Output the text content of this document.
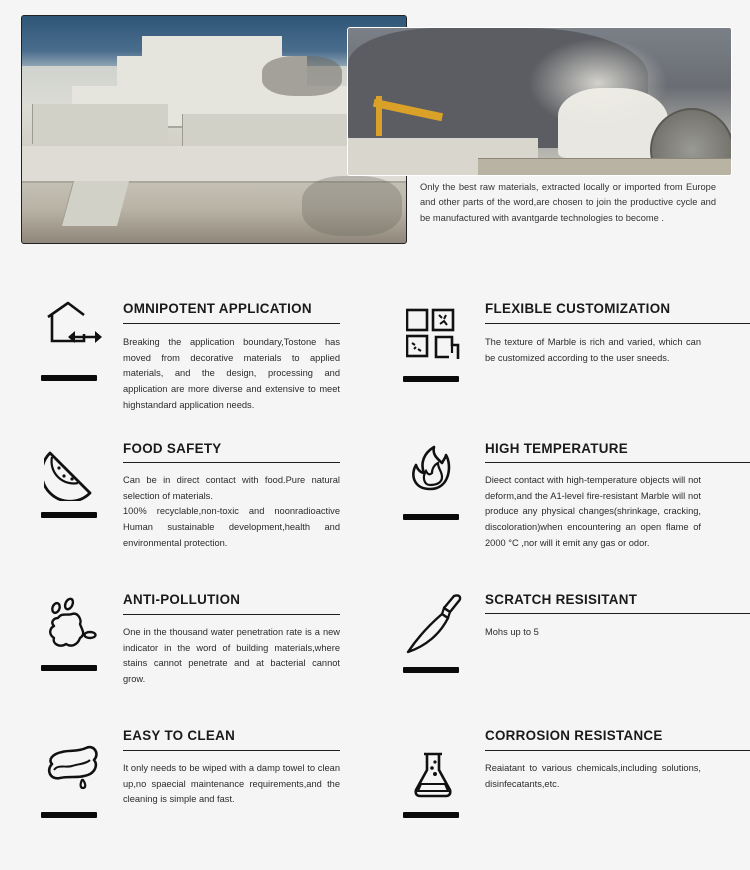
Only the best raw materials, extracted locally or imported from Europe and other parts of the word,are chosen to join the productive cycle and be manufactured with avantgarde technologies to become .
OMNIPOTENT APPLICATION
Breaking the application boundary,Tostone has moved from decorative materials to applied materials, and the design, processing and application are more diverse and extensive to meet highstandard application needs.
FLEXIBLE CUSTOMIZATION
The texture of Marble is rich and varied, which can be customized according to the user sneeds.
FOOD SAFETY

Can be in direct contact with food.Pure natural selection of materials.

100% recyclable,non-toxic and noonradioactive Human sustainable development,health and environmental protection.

HIGH TEMPERATURE
Dieect contact with high-temperature objects will not deform,and the A1-level fire-resistant Marble will not produce any physical changes(shrinkage, cracking, discoloration)when encountering an open flame of 2000 °C ,nor will it emit any gas or odor.
ANTI-POLLUTION
One in the thousand water penetration rate is a new indicator in the word of building materials,where stains cannot penetrate and at bacterial cannot grow.
SCRATCH RESISITANT
Mohs up to 5
EASY TO CLEAN
It only needs to be wiped with a damp towel to clean up,no spaecial maintenance requirements,and the cleaning is simple and fast.
CORROSION RESISTANCE
Reaiatant to various chemicals,including solutions, disinfecatants,etc.
